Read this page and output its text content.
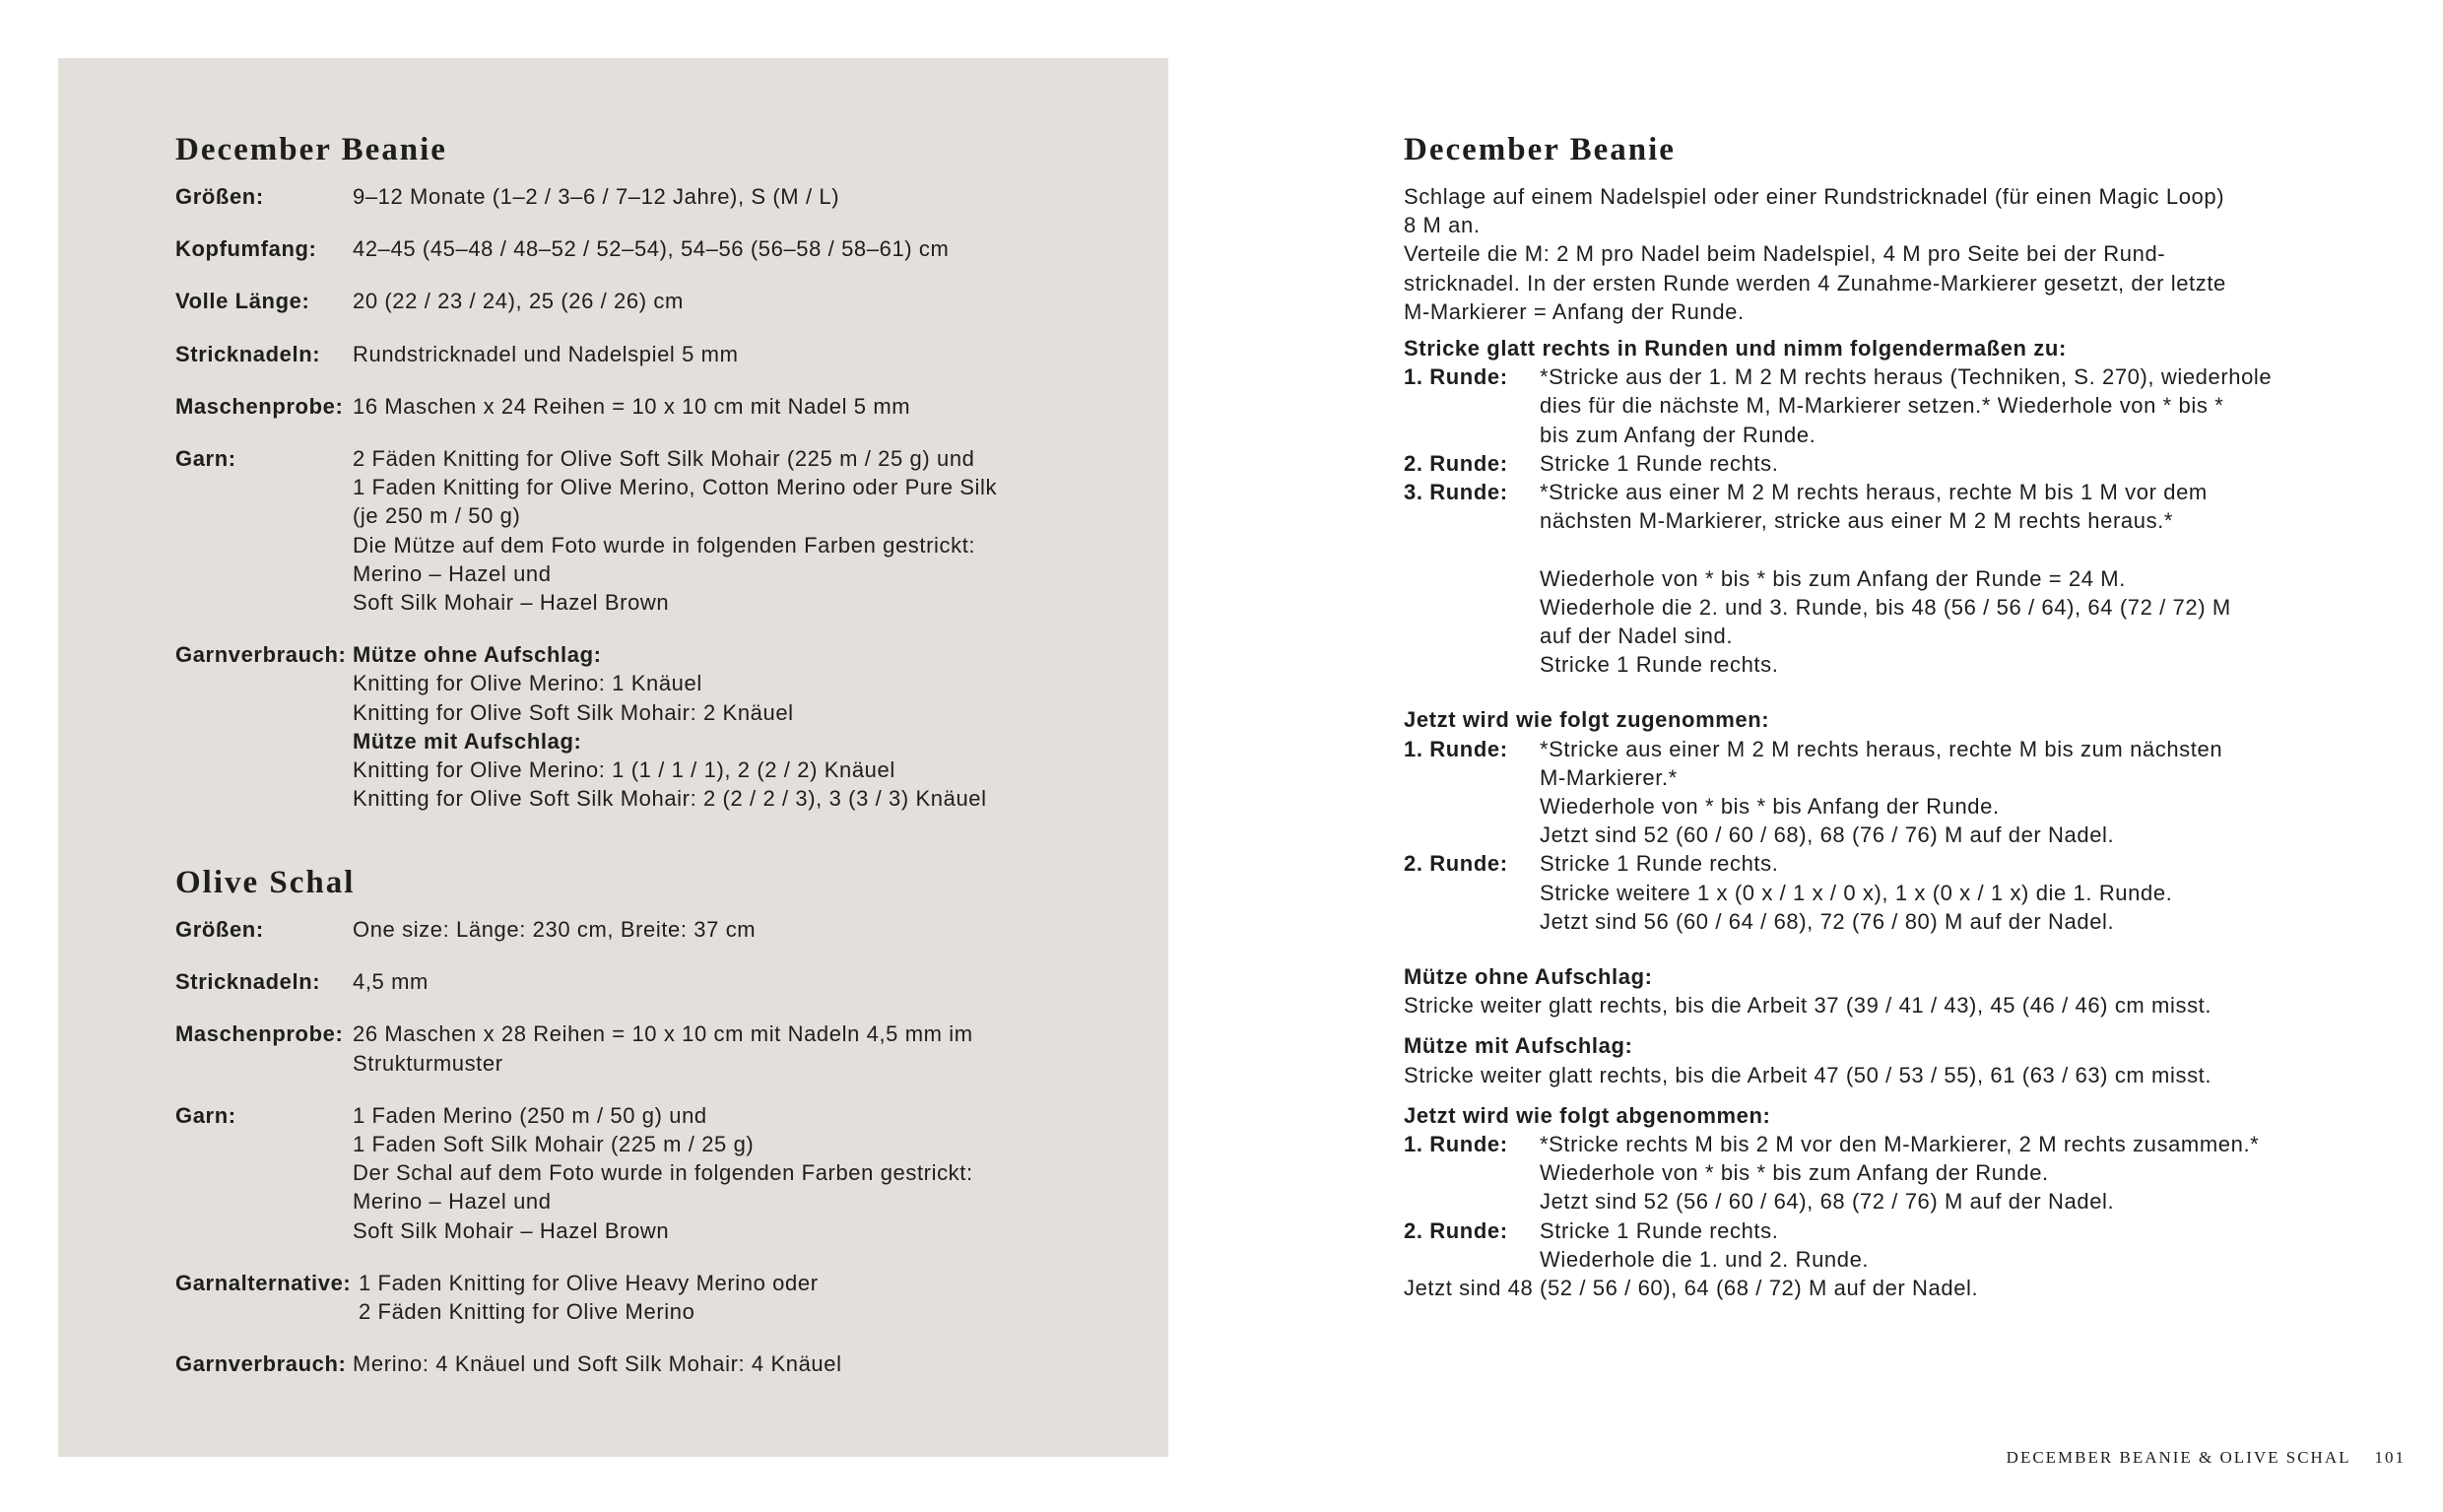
December Beanie
Größen:	9–12 Monate (1–2 / 3–6 / 7–12 Jahre), S (M / L)
Kopfumfang:	42–45 (45–48 / 48–52 / 52–54), 54–56 (56–58 / 58–61) cm
Volle Länge:	20 (22 / 23 / 24), 25 (26 / 26) cm
Stricknadeln:	Rundstricknadel und Nadelspiel 5 mm
Maschenprobe: 16 Maschen x 24 Reihen = 10 x 10 cm mit Nadel 5 mm
Garn:	2 Fäden Knitting for Olive Soft Silk Mohair (225 m / 25 g) und
1 Faden Knitting for Olive Merino, Cotton Merino oder Pure Silk
(je 250 m / 50 g)
Die Mütze auf dem Foto wurde in folgenden Farben gestrickt:
Merino – Hazel und
Soft Silk Mohair – Hazel Brown
Garnverbrauch: Mütze ohne Aufschlag:
Knitting for Olive Merino: 1 Knäuel
Knitting for Olive Soft Silk Mohair: 2 Knäuel
Mütze mit Aufschlag:
Knitting for Olive Merino: 1 (1 / 1 / 1), 2 (2 / 2) Knäuel
Knitting for Olive Soft Silk Mohair: 2 (2 / 2 / 3), 3 (3 / 3) Knäuel
Olive Schal
Größen:	One size: Länge: 230 cm, Breite: 37 cm
Stricknadeln:	4,5 mm
Maschenprobe: 26 Maschen x 28 Reihen = 10 x 10 cm mit Nadeln 4,5 mm im
Strukturmuster
Garn:	1 Faden Merino (250 m / 50 g) und
1 Faden Soft Silk Mohair (225 m / 25 g)
Der Schal auf dem Foto wurde in folgenden Farben gestrickt:
Merino – Hazel und
Soft Silk Mohair – Hazel Brown
Garnalternative: 1 Faden Knitting for Olive Heavy Merino oder
2 Fäden Knitting for Olive Merino
Garnverbrauch: Merino: 4 Knäuel und Soft Silk Mohair: 4 Knäuel
December Beanie

Schlage auf einem Nadelspiel oder einer Rundstricknadel (für einen Magic Loop)

8 M an.

Verteile die M: 2 M pro Nadel beim Nadelspiel, 4 M pro Seite bei der Rund-

stricknadel. In der ersten Runde werden 4 Zunahme-Markierer gesetzt, der letzte

M-Markierer = Anfang der Runde.

Stricke glatt rechts in Runden und nimm folgendermaßen zu:

1. Runde:	*Stricke aus der 1. M 2 M rechts heraus (Techniken, S. 270), wiederhole

dies für die nächste M, M-Markierer setzen.* Wiederhole von * bis *

bis zum Anfang der Runde.

2. Runde:	Stricke 1 Runde rechts.

3. Runde:	*Stricke aus einer M 2 M rechts heraus, rechte M bis 1 M vor dem

nächsten M-Markierer, stricke aus einer M 2 M rechts heraus.*

Wiederhole von * bis * bis zum Anfang der Runde = 24 M.

Wiederhole die 2. und 3. Runde, bis 48 (56 / 56 / 64), 64 (72 / 72) M

auf der Nadel sind.

Stricke 1 Runde rechts.

Jetzt wird wie folgt zugenommen:

1. Runde:	*Stricke aus einer M 2 M rechts heraus, rechte M bis zum nächsten

M-Markierer.*

Wiederhole von * bis * bis Anfang der Runde.

Jetzt sind 52 (60 / 60 / 68), 68 (76 / 76) M auf der Nadel.

2. Runde:	Stricke 1 Runde rechts.

Stricke weitere 1 x (0 x / 1 x / 0 x), 1 x (0 x / 1 x) die 1. Runde.

Jetzt sind 56 (60 / 64 / 68), 72 (76 / 80) M auf der Nadel.

Mütze ohne Aufschlag:

Stricke weiter glatt rechts, bis die Arbeit 37 (39 / 41 / 43), 45 (46 / 46) cm misst.

Mütze mit Aufschlag:

Stricke weiter glatt rechts, bis die Arbeit 47 (50 / 53 / 55), 61 (63 / 63) cm misst.

Jetzt wird wie folgt abgenommen:

1. Runde:	*Stricke rechts M bis 2 M vor den M-Markierer, 2 M rechts zusammen.*

Wiederhole von * bis * bis zum Anfang der Runde.

Jetzt sind 52 (56 / 60 / 64), 68 (72 / 76) M auf der Nadel.

2. Runde:	Stricke 1 Runde rechts.

Wiederhole die 1. und 2. Runde.

Jetzt sind 48 (52 / 56 / 60), 64 (68 / 72) M auf der Nadel.

DECEMBER BEANIE & OLIVE SCHAL 101
